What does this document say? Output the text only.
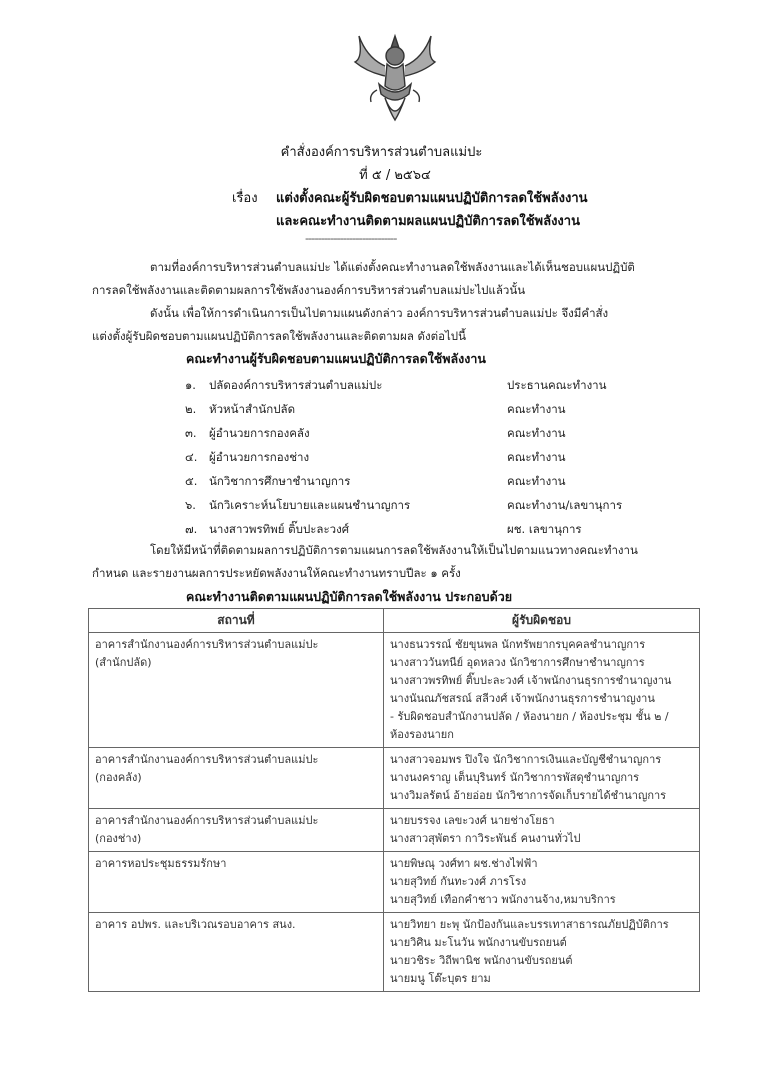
คำสั่งองค์การบริหารส่วนตำบลแม่ปะ
ที่ ๕ / ๒๕๖๔
เรื่อง แต่งตั้งคณะผู้รับผิดชอบตามแผนปฏิบัติการลดใช้พลังงาน
และคณะทำงานติดตามผลแผนปฏิบัติการลดใช้พลังงาน
-----------------------------
ตามที่องค์การบริหารส่วนตำบลแม่ปะ ได้แต่งตั้งคณะทำงานลดใช้พลังงานและได้เห็นชอบแผนปฏิบัติ
การลดใช้พลังงานและติดตามผลการใช้พลังงานองค์การบริหารส่วนตำบลแม่ปะไปแล้วนั้น
ดังนั้น เพื่อให้การดำเนินการเป็นไปตามแผนดังกล่าว องค์การบริหารส่วนตำบลแม่ปะ จึงมีคำสั่ง
แต่งตั้งผู้รับผิดชอบตามแผนปฏิบัติการลดใช้พลังงานและติดตามผล ดังต่อไปนี้
คณะทำงานผู้รับผิดชอบตามแผนปฏิบัติการลดใช้พลังงาน
๑.	ปลัดองค์การบริหารส่วนตำบลแม่ปะ	ประธานคณะทำงาน
๒.	หัวหน้าสำนักปลัด	คณะทำงาน
๓.	ผู้อำนวยการกองคลัง	คณะทำงาน
๔.	ผู้อำนวยการกองช่าง	คณะทำงาน
๕.	นักวิชาการศึกษาชำนาญการ	คณะทำงาน
๖.	นักวิเคราะห์นโยบายและแผนชำนาญการ	คณะทำงาน/เลขานุการ
๗.	นางสาวพรทิพย์ ติ๊บปะละวงศ์	ผช. เลขานุการ
โดยให้มีหน้าที่ติดตามผลการปฏิบัติการตามแผนการลดใช้พลังงานให้เป็นไปตามแนวทางคณะทำงาน
กำหนด และรายงานผลการประหยัดพลังงานให้คณะทำงานทราบปีละ ๑ ครั้ง
คณะทำงานติดตามแผนปฏิบัติการลดใช้พลังงาน ประกอบด้วย
สถานที่	ผู้รับผิดชอบ

อาคารสำนักงานองค์การบริหารส่วนตำบลแม่ปะ
(สำนักปลัด)

นางธนวรรณ์ ชัยขุนพล นักทรัพยากรบุคคลชำนาญการ
นางสาววันทนีย์ อุดหลวง นักวิชาการศึกษาชำนาญการ
นางสาวพรทิพย์ ติ๊บปะละวงศ์ เจ้าพนักงานธุรการชำนาญงาน
นางนันณภัชสรณ์ สลีวงศ์ เจ้าพนักงานธุรการชำนาญงาน
- รับผิดชอบสำนักงานปลัด / ห้องนายก / ห้องประชุม ชั้น ๒ /
ห้องรองนายก

อาคารสำนักงานองค์การบริหารส่วนตำบลแม่ปะ
(กองคลัง)

นางสาวจอมพร ปิงใจ นักวิชาการเงินและบัญชีชำนาญการ
นางนงคราญ เต็นบุรินทร์ นักวิชาการพัสดุชำนาญการ
นางวิมลรัตน์ อ้ายอ่อย นักวิชาการจัดเก็บรายได้ชำนาญการ

อาคารสำนักงานองค์การบริหารส่วนตำบลแม่ปะ
(กองช่าง)

นายบรรจง เลขะวงศ์ นายช่างโยธา
นางสาวสุพัตรา กาวิระพันธ์ คนงานทั่วไป

อาคารหอประชุมธรรมรักษา	นายพิษณุ วงศ์ทา ผช.ช่างไฟฟ้า
นายสุวิทย์ กันทะวงศ์ ภารโรง
นายสุวิทย์ เทือกคำชาว พนักงานจ้าง,หมาบริการ

อาคาร อปพร. และบริเวณรอบอาคาร สนง.	นายวิทยา ยะพุ นักป้องกันและบรรเทาสาธารณภัยปฏิบัติการ
นายวิศิน มะโนวัน พนักงานขับรถยนต์
นายวชิระ วิถีพานิช พนักงานขับรถยนต์
นายมนู โต๊ะบุตร ยาม
